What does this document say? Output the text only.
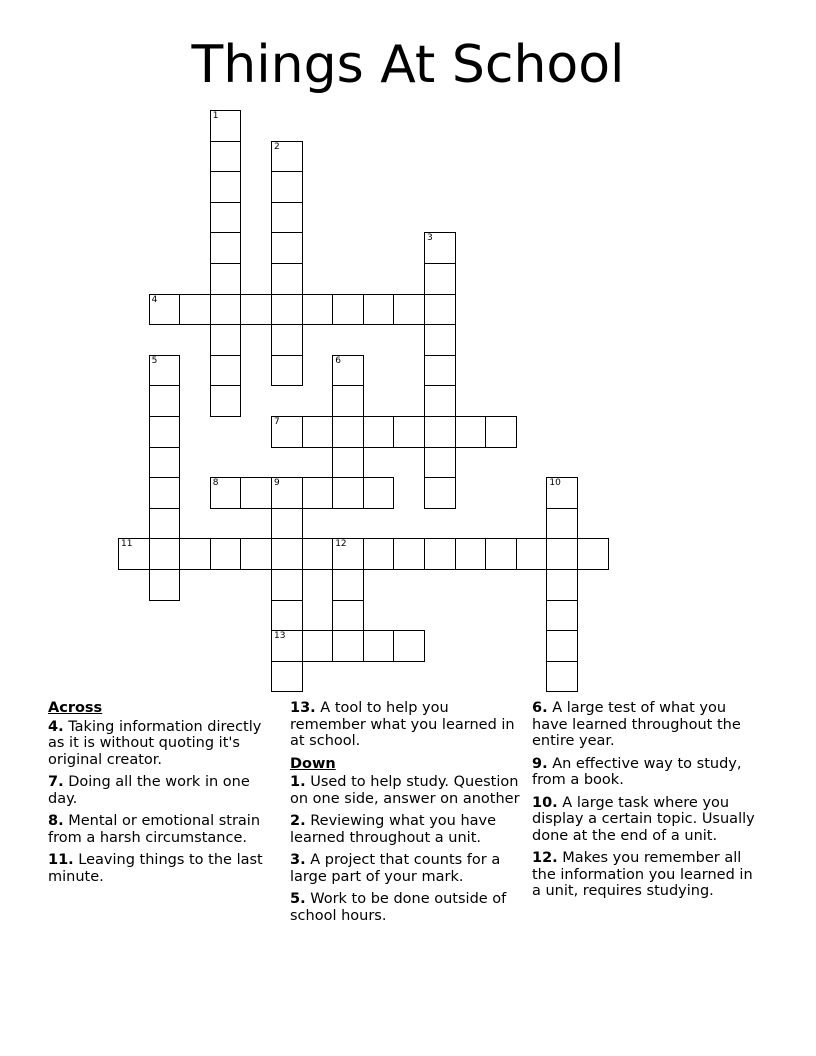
Things At School
1
2
3
4
5	6
7
8	9	10
11	12
13
Across
4. Taking information directly as it is without quoting it's original creator.
7. Doing all the work in one day.
8. Mental or emotional strain from a harsh circumstance.
11. Leaving things to the last minute.
13. A tool to help you remember what you learned in at school.
Down
1. Used to help study. Question on one side, answer on another
2. Reviewing what you have learned throughout a unit.
3. A project that counts for a large part of your mark.
5. Work to be done outside of school hours.
6. A large test of what you have learned throughout the entire year.
9. An effective way to study, from a book.
10. A large task where you display a certain topic. Usually done at the end of a unit.
12. Makes you remember all the information you learned in a unit, requires studying.
